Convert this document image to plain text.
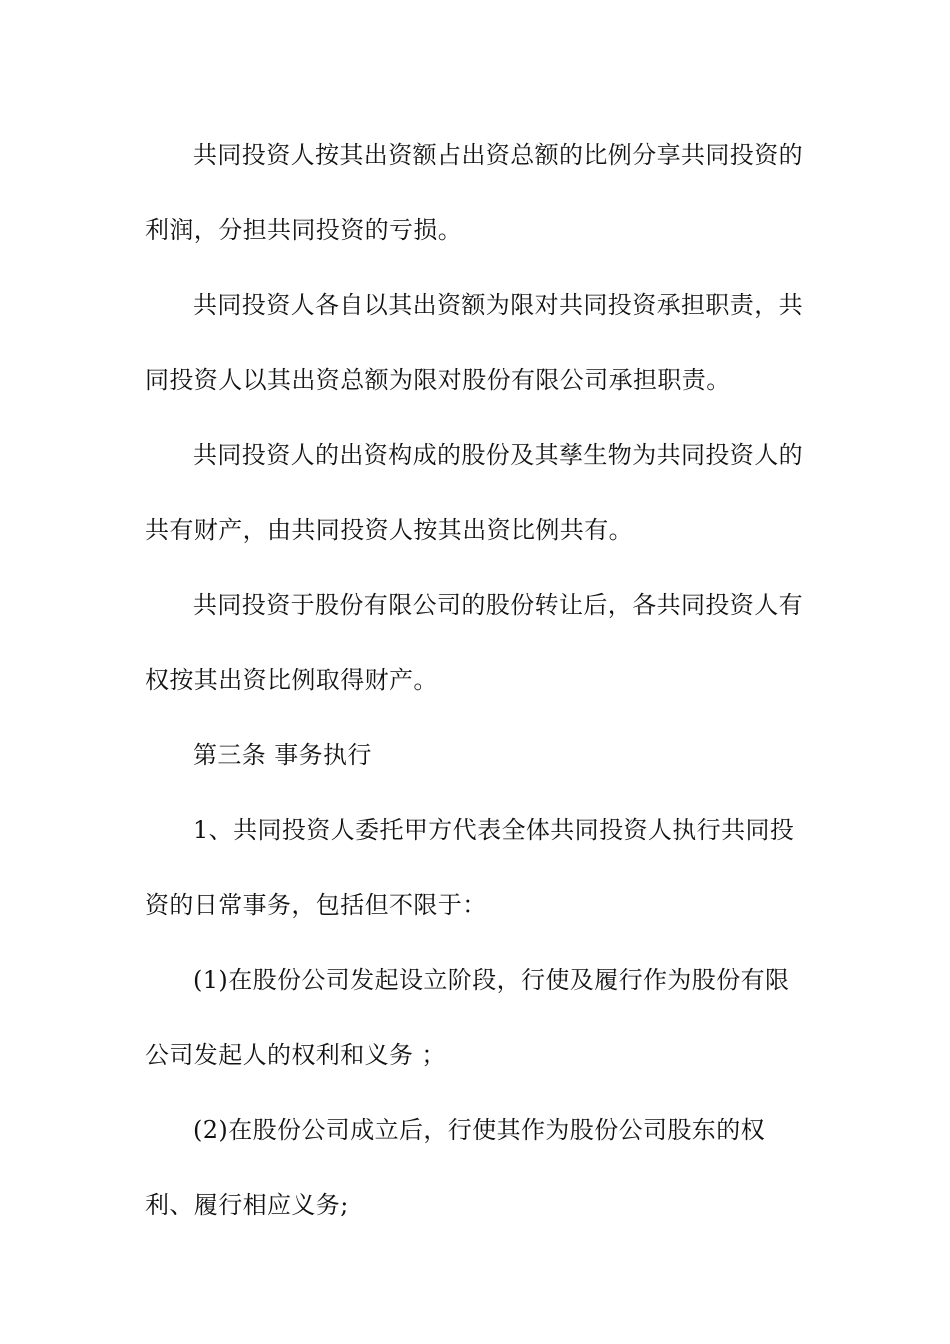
共同投资人按其出资额占出资总额的比例分享共同投资的利润，分担共同投资的亏损。

共同投资人各自以其出资额为限对共同投资承担职责，共同投资人以其出资总额为限对股份有限公司承担职责。

共同投资人的出资构成的股份及其孳生物为共同投资人的共有财产，由共同投资人按其出资比例共有。

共同投资于股份有限公司的股份转让后，各共同投资人有权按其出资比例取得财产。

第三条 事务执行

1、共同投资人委托甲方代表全体共同投资人执行共同投资的日常事务，包括但不限于：

(1)在股份公司发起设立阶段，行使及履行作为股份有限公司发起人的权利和义务 ；

(2)在股份公司成立后，行使其作为股份公司股东的权利、履行相应义务;
